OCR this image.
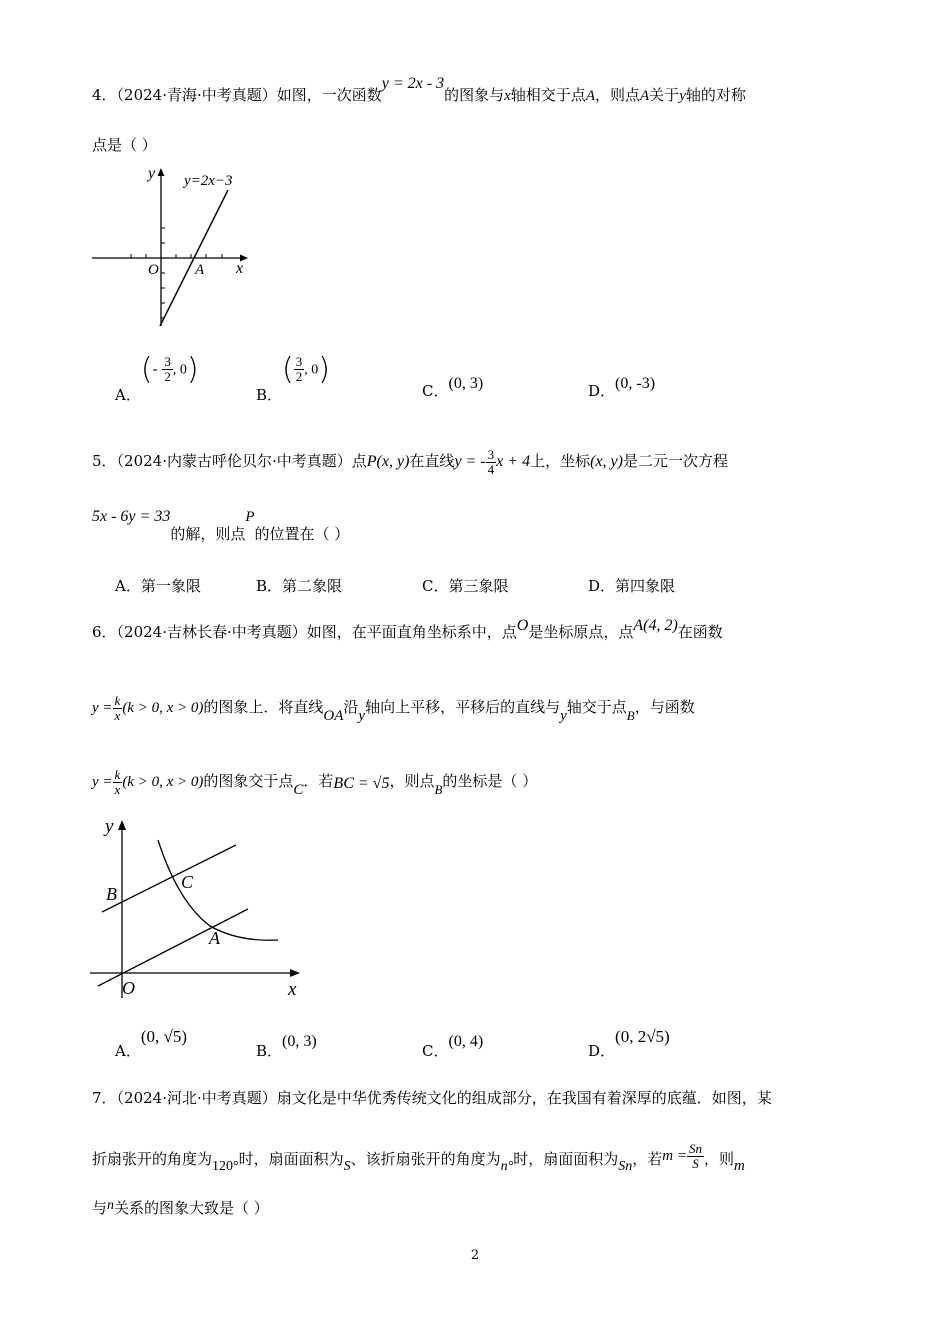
4．（2024·青海·中考真题）如图，一次函数y = 2x - 3的图象与x轴相交于点A，则点A关于y轴的对称
点是（ ）
y=2x−3
y
x
O A
A．(- $\frac{3}{2}$ , 0)
B．( $\frac{3}{2}$ , 0)
C．(0, 3)	D．(0, -3)
5．（2024·内蒙古呼伦贝尔·中考真题）点P(x, y)在直线y = - $\frac{3}{4}$ x + 4上，坐标(x, y)是二元一次方程
5x - 6y = 33的解，则点P的位置在（ ）
A．第一象限	B．第二象限	C．第三象限	D．第四象限
6．（2024·吉林长春·中考真题）如图，在平面直角坐标系中，点O是坐标原点，点A(4, 2)在函数
$y = \frac{k}{x} (k > 0$, x > 0)的图象上．将直线OA沿y轴向上平移，平移后的直线与y轴交于点B，与函数
$y = \frac{k}{x} (k > 0$, x > 0)的图象交于点C．若BC = √5，则点B的坐标是（ ）
y
x
O
B
C
A
A．(0, √5)
B．(0, 3)
C．(0, 4)
D．(0, 2√5)
7．（2024·河北·中考真题）扇文化是中华优秀传统文化的组成部分，在我国有着深厚的底蕴．如图，某
折扇张开的角度为120°时，扇面面积为S、该折扇张开的角度为n°时，扇面面积为Sn，若$m = \frac{Sn}{S}$ ，则m
与n关系的图象大致是（ ）
2
